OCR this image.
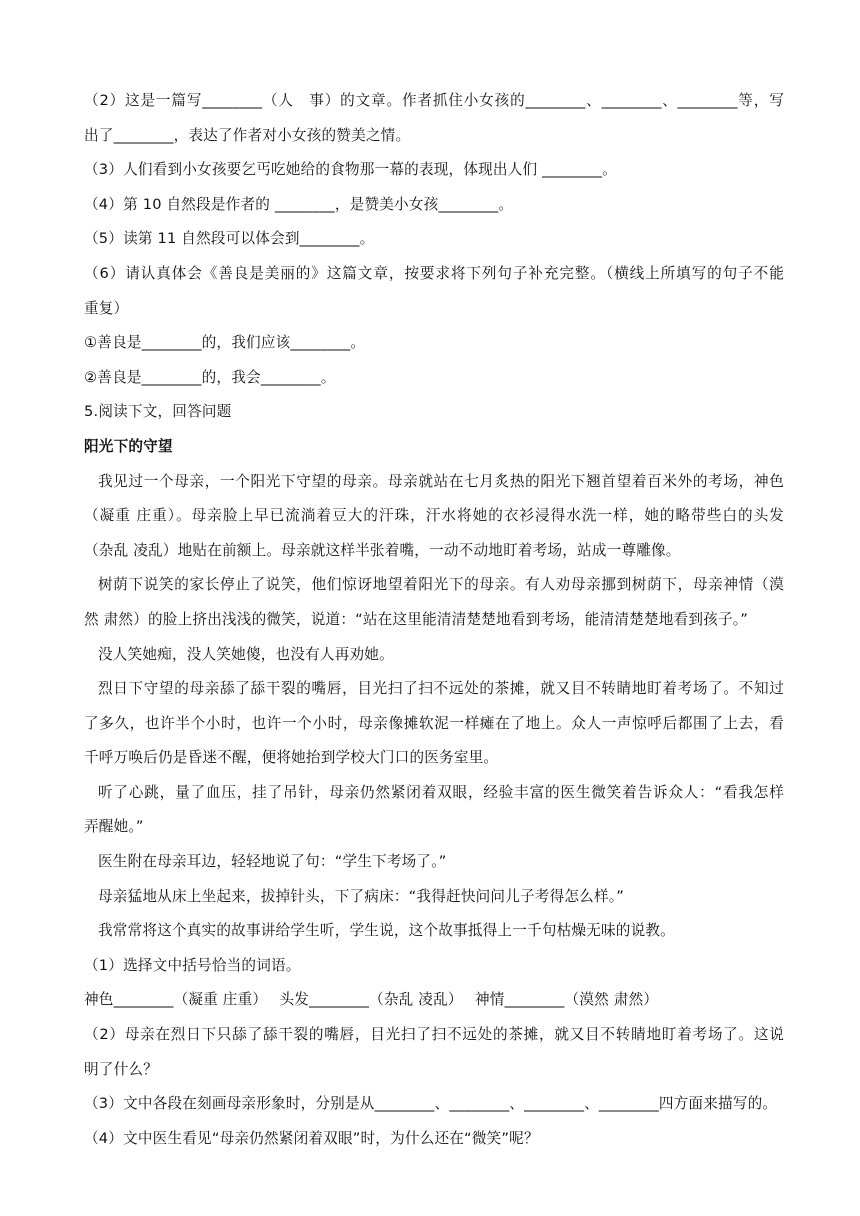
（2）这是一篇写________（人　事）的文章。作者抓住小女孩的________、________、________等，写
出了________，表达了作者对小女孩的赞美之情。
（3）人们看到小女孩要乞丐吃她给的食物那一幕的表现，体现出人们 ________。
（4）第 10 自然段是作者的 ________，是赞美小女孩________。
（5）读第 11 自然段可以体会到________。
（6）请认真体会《善良是美丽的》这篇文章，按要求将下列句子补充完整。（横线上所填写的句子不能
重复）
①善良是________的，我们应该________。
②善良是________的，我会________。
5.阅读下文，回答问题
阳光下的守望
我见过一个母亲，一个阳光下守望的母亲。母亲就站在七月炙热的阳光下翘首望着百米外的考场，神色
（凝重 庄重）。母亲脸上早已流淌着豆大的汗珠，汗水将她的衣衫浸得水洗一样，她的略带些白的头发
（杂乱 凌乱）地贴在前额上。母亲就这样半张着嘴，一动不动地盯着考场，站成一尊雕像。
树荫下说笑的家长停止了说笑，他们惊讶地望着阳光下的母亲。有人劝母亲挪到树荫下，母亲神情（漠
然 肃然）的脸上挤出浅浅的微笑，说道：“站在这里能清清楚楚地看到考场，能清清楚楚地看到孩子。”
没人笑她痴，没人笑她傻，也没有人再劝她。
烈日下守望的母亲舔了舔干裂的嘴唇，目光扫了扫不远处的茶摊，就又目不转睛地盯着考场了。不知过
了多久，也许半个小时，也许一个小时，母亲像摊软泥一样瘫在了地上。众人一声惊呼后都围了上去，看
千呼万唤后仍是昏迷不醒，便将她抬到学校大门口的医务室里。
听了心跳，量了血压，挂了吊针，母亲仍然紧闭着双眼，经验丰富的医生微笑着告诉众人：“看我怎样
弄醒她。”
医生附在母亲耳边，轻轻地说了句：“学生下考场了。”
母亲猛地从床上坐起来，拔掉针头，下了病床：“我得赶快问问儿子考得怎么样。”
我常常将这个真实的故事讲给学生听，学生说，这个故事抵得上一千句枯燥无味的说教。
（1）选择文中括号恰当的词语。
神色________（凝重 庄重）　 头发________（杂乱 凌乱）　 神情________（漠然 肃然）
（2）母亲在烈日下只舔了舔干裂的嘴唇，目光扫了扫不远处的茶摊，就又目不转睛地盯着考场了。这说
明了什么？
（3）文中各段在刻画母亲形象时，分别是从________、________、________、________四方面来描写的。
（4）文中医生看见“母亲仍然紧闭着双眼”时，为什么还在“微笑”呢？
